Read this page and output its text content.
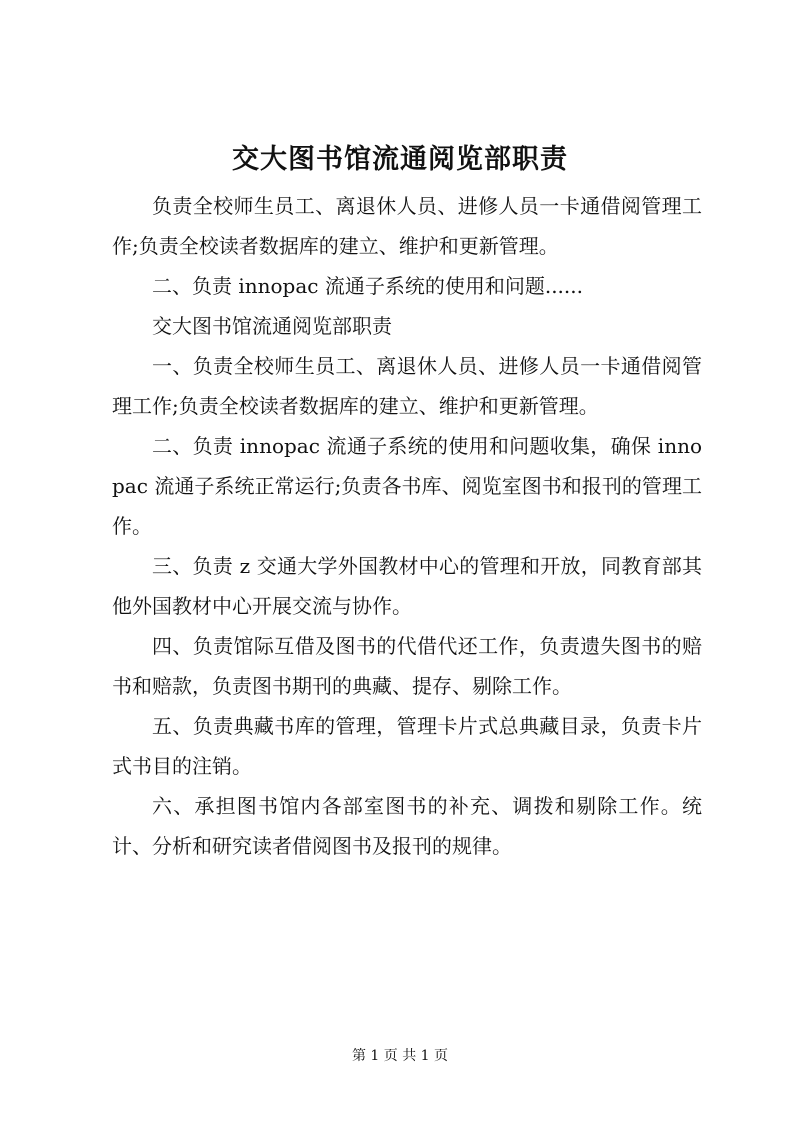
交大图书馆流通阅览部职责

负责全校师生员工、离退休人员、进修人员一卡通借阅管理工作;负责全校读者数据库的建立、维护和更新管理。

二、负责 innopac 流通子系统的使用和问题......

交大图书馆流通阅览部职责

一、负责全校师生员工、离退休人员、进修人员一卡通借阅管理工作;负责全校读者数据库的建立、维护和更新管理。

二、负责 innopac 流通子系统的使用和问题收集，确保 innopac 流通子系统正常运行;负责各书库、阅览室图书和报刊的管理工作。

三、负责 z 交通大学外国教材中心的管理和开放，同教育部其他外国教材中心开展交流与协作。

四、负责馆际互借及图书的代借代还工作，负责遗失图书的赔书和赔款，负责图书期刊的典藏、提存、剔除工作。

五、负责典藏书库的管理，管理卡片式总典藏目录，负责卡片式书目的注销。

六、承担图书馆内各部室图书的补充、调拨和剔除工作。统计、分析和研究读者借阅图书及报刊的规律。

第 1 页 共 1 页
